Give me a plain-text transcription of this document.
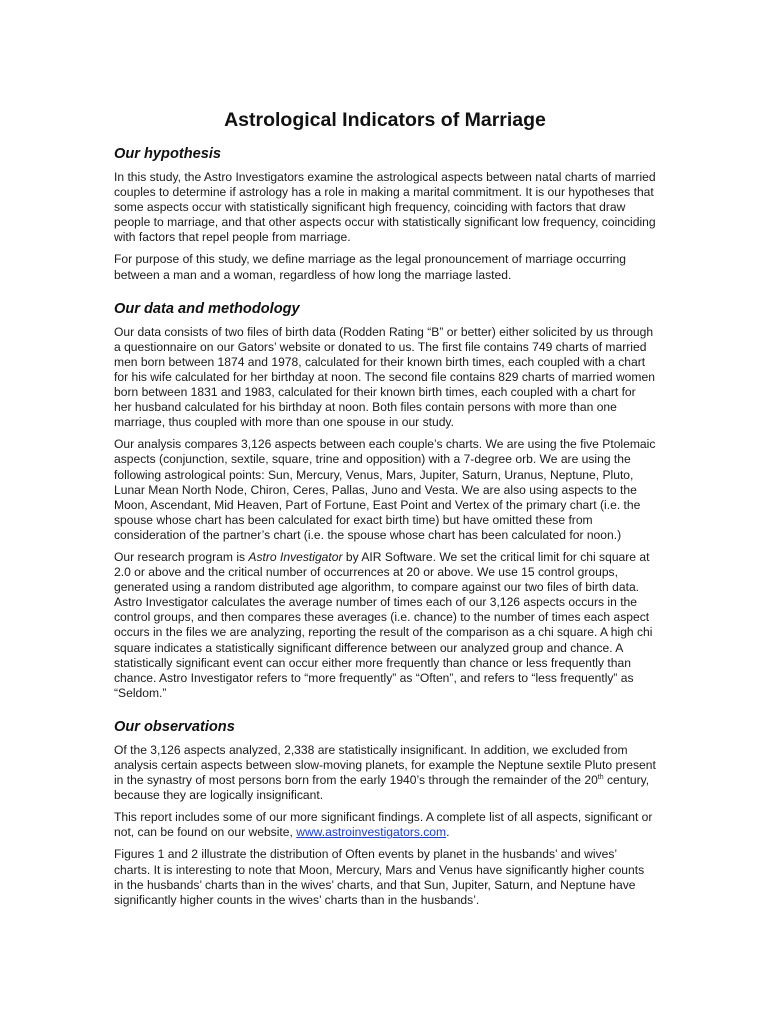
Astrological Indicators of Marriage
Our hypothesis

In this study, the Astro Investigators examine the astrological aspects between natal charts of married couples to determine if astrology has a role in making a marital commitment. It is our hypotheses that some aspects occur with statistically significant high frequency, coinciding with factors that draw people to marriage, and that other aspects occur with statistically significant low frequency, coinciding with factors that repel people from marriage.

For purpose of this study, we define marriage as the legal pronouncement of marriage occurring between a man and a woman, regardless of how long the marriage lasted.

Our data and methodology

Our data consists of two files of birth data (Rodden Rating “B” or better) either solicited by us through a questionnaire on our Gators’ website or donated to us. The first file contains 749 charts of married men born between 1874 and 1978, calculated for their known birth times, each coupled with a chart for his wife calculated for her birthday at noon. The second file contains 829 charts of married women born between 1831 and 1983, calculated for their known birth times, each coupled with a chart for her husband calculated for his birthday at noon. Both files contain persons with more than one marriage, thus coupled with more than one spouse in our study.

Our analysis compares 3,126 aspects between each couple’s charts. We are using the five Ptolemaic aspects (conjunction, sextile, square, trine and opposition) with a 7-degree orb. We are using the following astrological points: Sun, Mercury, Venus, Mars, Jupiter, Saturn, Uranus, Neptune, Pluto, Lunar Mean North Node, Chiron, Ceres, Pallas, Juno and Vesta. We are also using aspects to the Moon, Ascendant, Mid Heaven, Part of Fortune, East Point and Vertex of the primary chart (i.e. the spouse whose chart has been calculated for exact birth time) but have omitted these from consideration of the partner’s chart (i.e. the spouse whose chart has been calculated for noon.)

Our research program is Astro Investigator by AIR Software. We set the critical limit for chi square at 2.0 or above and the critical number of occurrences at 20 or above. We use 15 control groups, generated using a random distributed age algorithm, to compare against our two files of birth data. Astro Investigator calculates the average number of times each of our 3,126 aspects occurs in the control groups, and then compares these averages (i.e. chance) to the number of times each aspect occurs in the files we are analyzing, reporting the result of the comparison as a chi square. A high chi square indicates a statistically significant difference between our analyzed group and chance. A statistically significant event can occur either more frequently than chance or less frequently than chance. Astro Investigator refers to “more frequently” as “Often”, and refers to “less frequently” as “Seldom.”

Our observations

Of the 3,126 aspects analyzed, 2,338 are statistically insignificant. In addition, we excluded from analysis certain aspects between slow-moving planets, for example the Neptune sextile Pluto present in the synastry of most persons born from the early 1940’s through the remainder of the 20th century, because they are logically insignificant.

This report includes some of our more significant findings. A complete list of all aspects, significant or not, can be found on our website, www.astroinvestigators.com.

Figures 1 and 2 illustrate the distribution of Often events by planet in the husbands’ and wives’ charts. It is interesting to note that Moon, Mercury, Mars and Venus have significantly higher counts in the husbands’ charts than in the wives’ charts, and that Sun, Jupiter, Saturn, and Neptune have significantly higher counts in the wives’ charts than in the husbands’.
